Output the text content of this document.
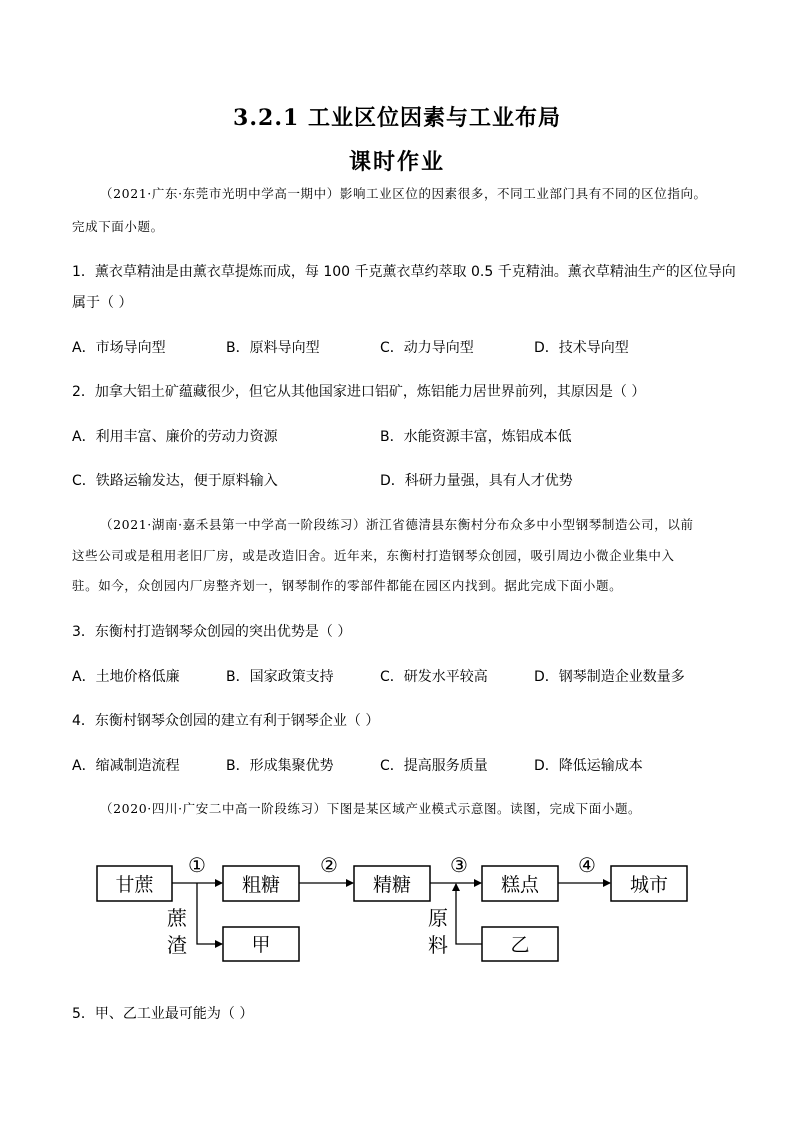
3.2.1 工业区位因素与工业布局
课时作业
（2021·广东·东莞市光明中学高一期中）影响工业区位的因素很多，不同工业部门具有不同的区位指向。
完成下面小题。
1．薰衣草精油是由薰衣草提炼而成，每 100 千克薰衣草约萃取 0.5 千克精油。薰衣草精油生产的区位导向
属于（ ）
A．市场导向型	B．原料导向型	C．动力导向型	D．技术导向型
2．加拿大铝土矿蕴藏很少，但它从其他国家进口铝矿，炼铝能力居世界前列，其原因是（ ）
A．利用丰富、廉价的劳动力资源	B．水能资源丰富，炼铝成本低
C．铁路运输发达，便于原料输入	D．科研力量强，具有人才优势
（2021·湖南·嘉禾县第一中学高一阶段练习）浙江省德清县东衡村分布众多中小型钢琴制造公司，以前
这些公司或是租用老旧厂房，或是改造旧舍。近年来，东衡村打造钢琴众创园，吸引周边小微企业集中入
驻。如今，众创园内厂房整齐划一，钢琴制作的零部件都能在园区内找到。据此完成下面小题。
3．东衡村打造钢琴众创园的突出优势是（ ）
A．土地价格低廉	B．国家政策支持	C．研发水平较高	D．钢琴制造企业数量多
4．东衡村钢琴众创园的建立有利于钢琴企业（ ）
A．缩减制造流程	B．形成集聚优势	C．提高服务质量	D．降低运输成本
（2020·四川·广安二中高一阶段练习）下图是某区域产业模式示意图。读图，完成下面小题。
甘蔗	粗糖	精糖	糕点	城市
甲	乙
①	②	③	④
蔗
渣
原
料
5．甲、乙工业最可能为（ ）
